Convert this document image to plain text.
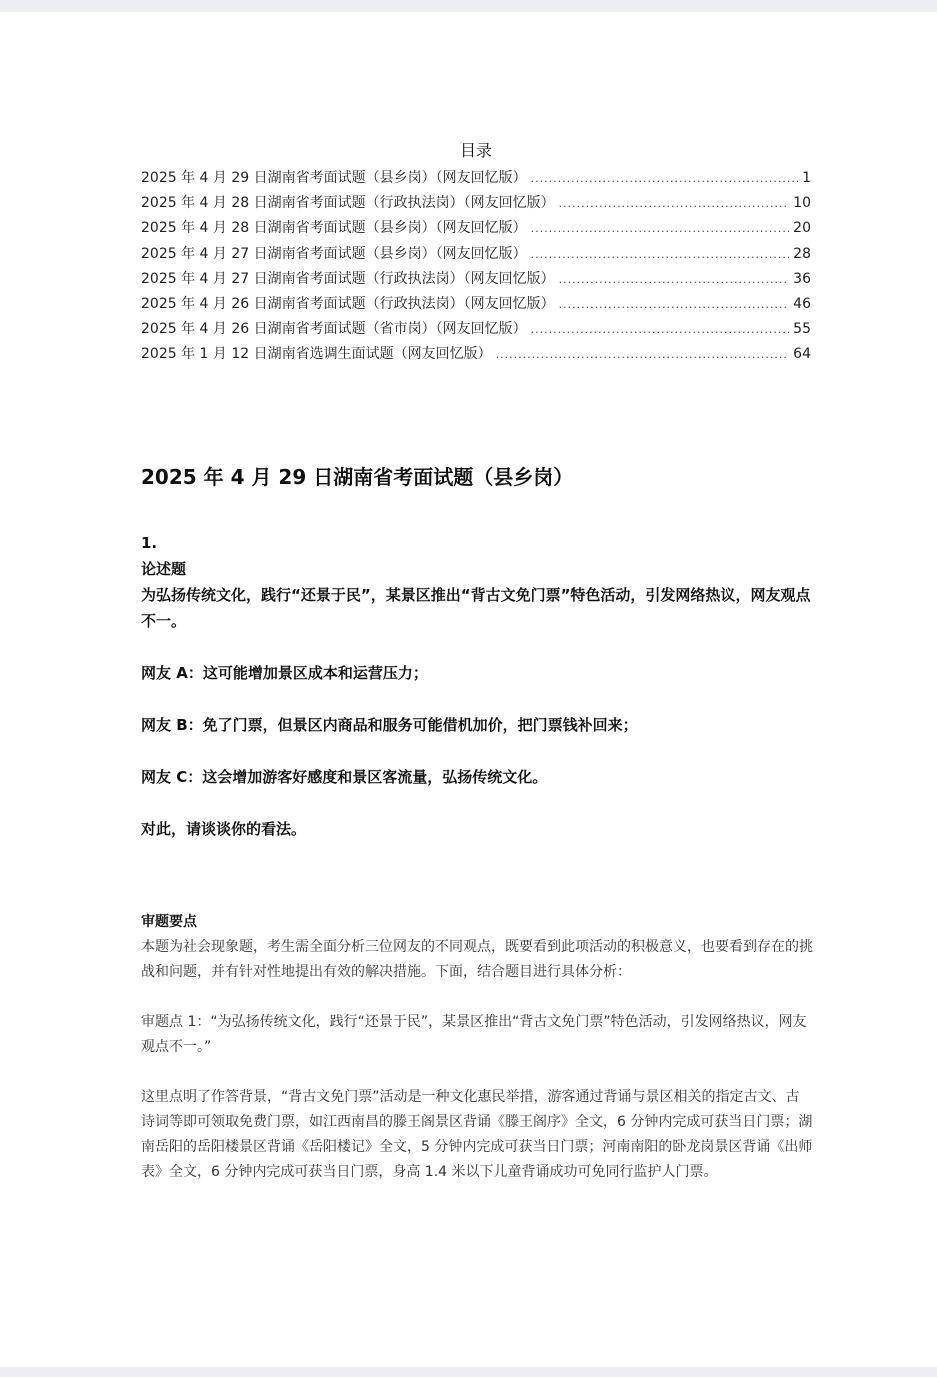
目录
2025 年 4 月 29 日湖南省考面试题（县乡岗）（网友回忆版） .....	1
2025 年 4 月 28 日湖南省考面试题（行政执法岗）（网友回忆版） .....	10
2025 年 4 月 28 日湖南省考面试题（县乡岗）（网友回忆版） .....	20
2025 年 4 月 27 日湖南省考面试题（县乡岗）（网友回忆版） .....	28
2025 年 4 月 27 日湖南省考面试题（行政执法岗）（网友回忆版） .....	36
2025 年 4 月 26 日湖南省考面试题（行政执法岗）（网友回忆版） .....	46
2025 年 4 月 26 日湖南省考面试题（省市岗）（网友回忆版） .....	55
2025 年 1 月 12 日湖南省选调生面试题（网友回忆版） .....	64
2025 年 4 月 29 日湖南省考面试题（县乡岗）
1.
论述题

为弘扬传统文化，践行“还景于民”，某景区推出“背古文免门票”特色活动，引发网络热议，网友观点不一。

网友 A：这可能增加景区成本和运营压力；
网友 B：免了门票，但景区内商品和服务可能借机加价，把门票钱补回来；
网友 C：这会增加游客好感度和景区客流量，弘扬传统文化。
对此，请谈谈你的看法。
审题要点

本题为社会现象题，考生需全面分析三位网友的不同观点，既要看到此项活动的积极意义，也要看到存在的挑战和问题，并有针对性地提出有效的解决措施。下面，结合题目进行具体分析：

审题点 1：“为弘扬传统文化，践行“还景于民”，某景区推出“背古文免门票”特色活动，引发网络热议，网友观点不一。”

这里点明了作答背景，“背古文免门票”活动是一种文化惠民举措，游客通过背诵与景区相关的指定古文、古诗词等即可领取免费门票，如江西南昌的滕王阁景区背诵《滕王阁序》全文，6 分钟内完成可获当日门票；湖南岳阳的岳阳楼景区背诵《岳阳楼记》全文，5 分钟内完成可获当日门票；河南南阳的卧龙岗景区背诵《出师表》全文，6 分钟内完成可获当日门票，身高 1.4 米以下儿童背诵成功可免同行监护人门票。
